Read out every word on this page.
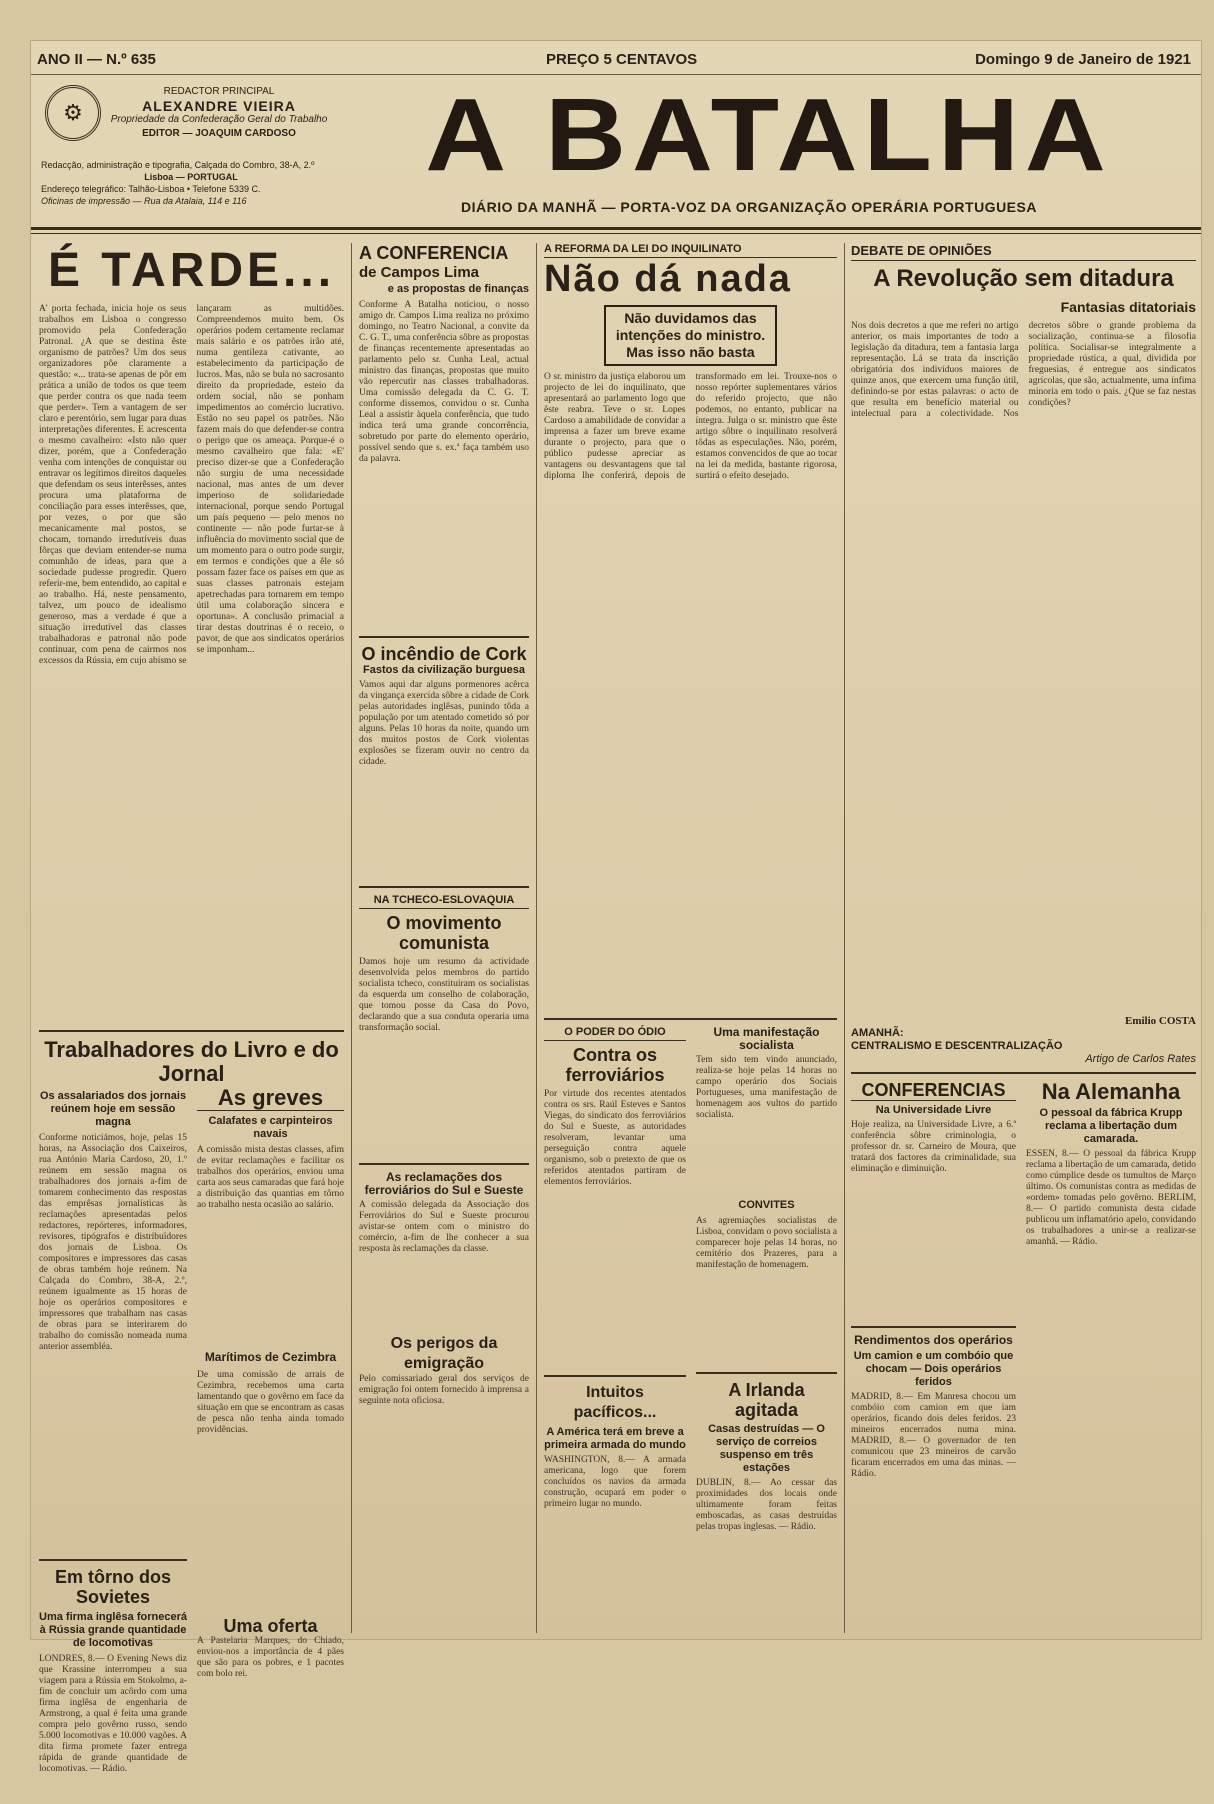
ANO II — N.º 635	PREÇO 5 CENTAVOS	Domingo 9 de Janeiro de 1921
⚙
REDACTOR PRINCIPAL
ALEXANDRE VIEIRA
Propriedade da Confederação Geral do Trabalho
EDITOR — JOAQUIM CARDOSO
Redacção, administração e tipografia, Calçada do Combro, 38-A, 2.º
Lisboa — PORTUGAL
Endereço telegráfico: Talhão-Lisboa • Telefone 5339 C.
Oficinas de impressão — Rua da Atalaia, 114 e 116
A BATALHA
DIÁRIO DA MANHÃ — PORTA-VOZ DA ORGANIZAÇÃO OPERÁRIA PORTUGUESA
É TARDE...
A' porta fechada, inicia hoje os seus trabalhos em Lisboa o congresso promovido pela Confederação Patronal. ¿A que se destina êste organismo de patrões? Um dos seus organizadores pôe claramente a questão: «... trata-se apenas de pôr em prática a união de todos os que teem que perder contra os que nada teem que perder». Tem a vantagem de ser claro e perentório, sem lugar para duas interpretações diferentes. E acrescenta o mesmo cavalheiro: «Isto não quer dizer, porém, que a Confederação venha com intenções de conquistar ou entravar os legítimos direitos daqueles que defendam os seus interêsses, antes procura uma plataforma de conciliação para esses interêsses, que, por vezes, o por que são mecanicamente mal postos, se chocam, tornando irredutíveis duas fôrças que deviam entender-se numa comunhão de ideas, para que a sociedade pudesse progredir. Quero referir-me, bem entendido, ao capital e ao trabalho. Há, neste pensamento, talvez, um pouco de idealismo generoso, mas a verdade é que a situação irredutível das classes trabalhadoras e patronal não pode continuar, com pena de cairmos nos excessos da Rússia, em cujo abismo se lançaram as multidões. Compreendemos muito bem. Os operários podem certamente reclamar mais salário e os patrões irão até, numa gentileza cativante, ao estabelecimento da participação de lucros. Mas, não se bula no sacrosanto direito da propriedade, esteio da ordem social, não se ponham impedimentos ao comércio lucrativo. Estão no seu papel os patrões. Não fazem mais do que defender-se contra o perigo que os ameaça. Porque-é o mesmo cavalheiro que fala: «E' preciso dizer-se que a Confederação não surgiu de uma necessidade nacional, mas antes de um dever imperioso de solidariedade internacional, porque sendo Portugal um país pequeno — pelo menos no continente — não pode furtar-se à influência do movimento social que de um momento para o outro pode surgir, em termos e condições que a êle só possam fazer face os países em que as suas classes patronais estejam apetrechadas para tornarem em tempo útil uma colaboração sincera e oportuna». A conclusão primacial a tirar destas doutrinas é o receio, o pavor, de que aos sindicatos operários se imponham...
Trabalhadores do Livro e do Jornal
Os assalariados dos jornais reúnem hoje em sessão magna
Conforme noticiámos, hoje, pelas 15 horas, na Associação dos Caixeiros, rua António Maria Cardoso, 20, 1.º reúnem em sessão magna os trabalhadores dos jornais a-fim de tomarem conhecimento das respostas das emprêsas jornalísticas às reclamações apresentadas pelos redactores, repórteres, informadores, revisores, tipógrafos e distribuïdores dos jornais de Lisboa. Os compositores e impressores das casas de obras também hoje reúnem. Na Calçada do Combro, 38-A, 2.º, reúnem igualmente as 15 horas de hoje os operários compositores e impressores que trabalham nas casas de obras para se interirarem do trabalho do comissão nomeada numa anterior assembléa.
Em tôrno dos Sovietes
Uma firma inglêsa fornecerá à Rússia grande quantidade de locomotivas
LONDRES, 8.— O Evening News diz que Krassine interrompeu a sua viagem para a Rússia em Stokolmo, a-fim de concluir um acôrdo com uma firma inglêsa de engenharia de Armstrong, a qual é feita uma grande compra pelo govêrno russo, sendo 5.000 locomotivas e 10.000 vagões. A dita firma promete fazer entrega rápida de grande quantidade de locomotivas. — Rádio.
As greves
Calafates e carpinteiros navais
A comissão mista destas classes, afim de evitar reclamações e facilitar os trabalhos dos operários, enviou uma carta aos seus camaradas que fará hoje a distribuição das quantias em tôrno ao trabalho nesta ocasião ao salário.
Marítimos de Cezimbra
De uma comissão de arrais de Cezimbra, recebemos uma carta lamentando que o govêrno em face da situação em que se encontram as casas de pesca não tenha ainda tomado providências.
Uma oferta
A Pastelaria Marques, do Chiado, enviou-nos a importância de 4 pães que são para os pobres, e 1 pacotes com bolo rei.
A CONFERENCIA
de Campos Lima
e as propostas de finanças
Conforme A Batalha noticiou, o nosso amigo dr. Campos Lima realiza no próximo domingo, no Teatro Nacional, a convite da C. G. T., uma conferência sôbre as propostas de finanças recentemente apresentadas ao parlamento pelo sr. Cunha Leal, actual ministro das finanças, propostas que muito vão repercutir nas classes trabalhadoras. Uma comissão delegada da C. G. T. conforme dissemos, convidou o sr. Cunha Leal a assistir àquela conferência, que tudo indica terá uma grande concorrência, sobretudo por parte do elemento operário, possível sendo que s. ex.ª faça também uso da palavra.
O incêndio de Cork
Fastos da civilização burguesa
Vamos aqui dar alguns pormenores acêrca da vingança exercida sôbre a cidade de Cork pelas autoridades inglêsas, punindo tôda a população por um atentado cometido só por alguns. Pelas 10 horas da noite, quando um dos muitos postos de Cork violentas explosões se fizeram ouvir no centro da cidade.
NA TCHECO-ESLOVAQUIA
O movimento comunista
Damos hoje um resumo da actividade desenvolvida pelos membros do partido socialista tcheco, constituíram os socialistas da esquerda um conselho de colaboração, que tomou posse da Casa do Povo, declarando que a sua conduta operaria uma transformação social.
As reclamações dos ferroviários do Sul e Sueste
A comissão delegada da Associação dos Ferroviários do Sul e Sueste procurou avistar-se ontem com o ministro do comércio, a-fim de lhe conhecer a sua resposta às reclamações da classe.
Os perigos da emigração
Pelo comissariado geral dos serviços de emigração foi ontem fornecido à imprensa a seguinte nota oficiosa.
A REFORMA DA LEI DO INQUILINATO
Não dá nada
Não duvidamos das intenções do ministro. Mas isso não basta
O sr. ministro da justiça elaborou um projecto de lei do inquilinato, que apresentará ao parlamento logo que êste reabra. Teve o sr. Lopes Cardoso a amabilidade de convidar a imprensa a fazer um breve exame durante o projecto, para que o público pudesse apreciar as vantagens ou desvantagens que tal diploma lhe conferirá, depois de transformado em lei. Trouxe-nos o nosso repórter suplementares vários do referido projecto, que não podemos, no entanto, publicar na íntegra. Julga o sr. ministro que êste artigo sôbre o inquilinato resolverá tôdas as especulações. Não, porém, estamos convencidos de que ao tocar na lei da medida, bastante rigorosa, surtirá o efeito desejado.
O PODER DO ÓDIO
Contra os ferroviários
Por virtude dos recentes atentados contra os srs. Raúl Esteves e Santos Viegas, do sindicato dos ferroviários do Sul e Sueste, as autoridades resolveram, levantar uma perseguição contra aquele organismo, sob o pretexto de que os referidos atentados partiram de elementos ferroviários.
Intuitos pacíficos...
A América terá em breve a primeira armada do mundo
WASHINGTON, 8.— A armada americana, logo que forem concluídos os navios da armada construção, ocupará em poder o primeiro lugar no mundo.
Uma manifestação socialista
Tem sido tem vindo anunciado, realiza-se hoje pelas 14 horas no campo operário dos Sociais Portugueses, uma manifestação de homenagem aos vultos do partido socialista.
CONVITES
As agremiações socialistas de Lisboa, convidam o povo socialista a comparecer hoje pelas 14 horas, no cemitério dos Prazeres, para a manifestação de homenagem.
A Irlanda agitada
Casas destruídas — O serviço de correios suspenso em três estações
DUBLIN, 8.— Ao cessar das proximidades dos locais onde ultimamente foram feitas emboscadas, as casas destruídas pelas tropas inglesas. — Rádio.
DEBATE DE OPINIÕES
A Revolução sem ditadura
Fantasias ditatoriais
Nos dois decretos a que me referi no artigo anterior, os mais importantes de todo a legislação da ditadura, tem a fantasia larga representação. Lá se trata da inscrição obrigatória dos indivíduos maiores de quinze anos, que exercem uma função útil, definindo-se por estas palavras: o acto de que resulta em benefício material ou intelectual para a colectividade. Nos decretos sôbre o grande problema da socialização, continua-se a filosofia política. Socialisar-se integralmente a propriedade rústica, a qual, dividida por freguesias, é entregue aos sindicatos agrícolas, que são, actualmente, uma ínfima minoria em todo o país. ¿Que se faz nestas condições?
Emilio COSTA
AMANHÃ:
CENTRALISMO E DESCENTRALIZAÇÃO
Artigo de Carlos Rates
CONFERENCIAS
Na Universidade Livre
Hoje realiza, na Universidade Livre, a 6.ª conferência sôbre criminologia, o professor dr. sr. Carneiro de Moura, que tratará dos factores da criminalidade, sua eliminação e diminuição.
Rendimentos dos operários
Um camion e um combóio que chocam — Dois operários feridos
MADRID, 8.— Em Manresa chocou um combóio com camion em que iam operários, ficando dois deles feridos. 23 mineiros encerrados numa mina. MADRID, 8.— O governador de ten comunicou que 23 mineiros de carvão ficaram encerrados em uma das minas. — Rádio.
Na Alemanha
O pessoal da fábrica Krupp reclama a libertação dum camarada.
ESSEN, 8.— O pessoal da fábrica Krupp reclama a libertação de um camarada, detido como cúmplice desde os tumultos de Março último. Os comunistas contra as medidas de «ordem» tomadas pelo govêrno. BERLIM, 8.— O partido comunista desta cidade publicou um inflamatório apelo, convidando os trabalhadores a unir-se a realizar-se amanhã. — Rádio.
